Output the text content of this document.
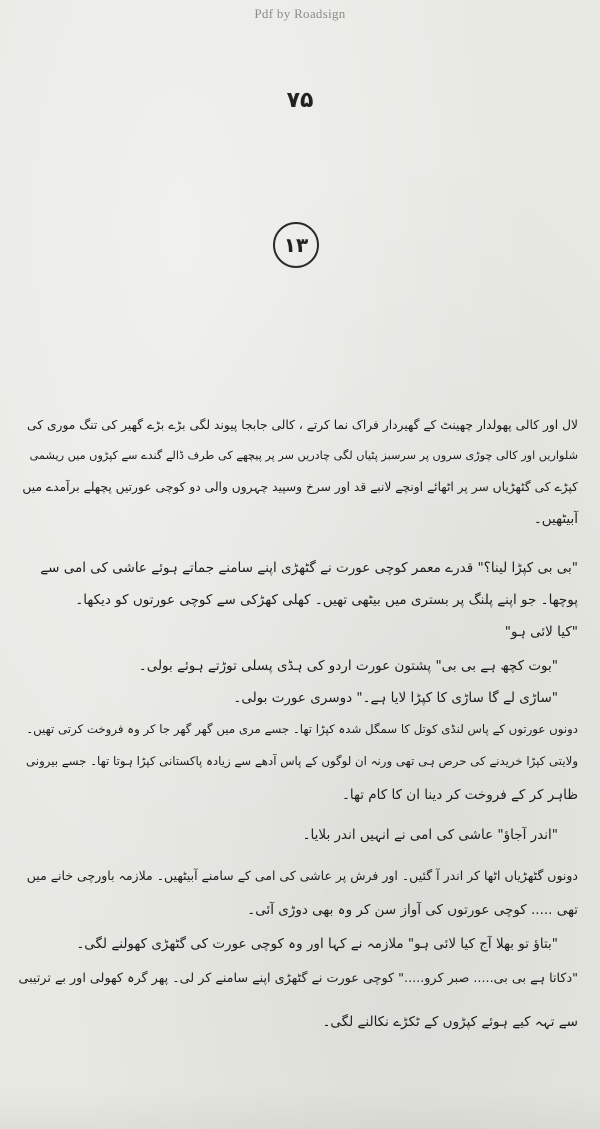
Pdf by Roadsign
۷۵
۱۳
لال اور کالی پھولدار چھینٹ کے گھیردار فراک نما کرتے ، کالی جابجا پیوند لگی بڑے بڑے گھیر کی تنگ موری کی
شلواریں اور کالی چوڑی سروں پر سرسبز پٹیاں لگی چادریں سر پر پیچھے کی طرف ڈالے گندے سے کپڑوں میں ریشمی
کپڑے کی گٹھڑیاں سر پر اٹھائے اونچے لانبے قد اور سرخ وسپید چہروں والی دو کوچی عورتیں پچھلے برآمدے میں
آبیٹھیں۔
"بی بی کپڑا لینا؟" قدرے معمر کوچی عورت نے گٹھڑی اپنے سامنے جماتے ہوئے عاشی کی امی سے
پوچھا۔ جو اپنے پلنگ پر بستری میں بیٹھی تھیں۔ کھلی کھڑکی سے کوچی عورتوں کو دیکھا۔
"کیا لائی ہو"
"بوت کچھ ہے بی بی" پشتون عورت اردو کی ہڈی پسلی توڑتے ہوئے بولی۔
"ساڑی لے گا ساڑی کا کپڑا لایا ہے۔" دوسری عورت بولی۔
دونوں عورتوں کے پاس لنڈی کوتل کا سمگل شدہ کپڑا تھا۔ جسے مری میں گھر گھر جا کر وہ فروخت کرتی تھیں۔
ولایتی کپڑا خریدنے کی حرص ہی تھی ورنہ ان لوگوں کے پاس آدھے سے زیادہ پاکستانی کپڑا ہوتا تھا۔ جسے بیرونی
ظاہر کر کے فروخت کر دینا ان کا کام تھا۔
"اندر آجاؤ" عاشی کی امی نے انہیں اندر بلایا۔
دونوں گٹھڑیاں اٹھا کر اندر آ گئیں۔ اور فرش پر عاشی کی امی کے سامنے آبیٹھیں۔ ملازمہ باورچی خانے میں
تھی ..... کوچی عورتوں کی آواز سن کر وہ بھی دوڑی آئی۔
"بتاؤ تو بھلا آج کیا لائی ہو" ملازمہ نے کہا اور وہ کوچی عورت کی گٹھڑی کھولنے لگی۔
"دکاتا ہے بی بی..... صبر کرو....." کوچی عورت نے گٹھڑی اپنے سامنے کر لی۔ پھر گرہ کھولی اور بے ترتیبی
سے تہہ کیے ہوئے کپڑوں کے ٹکڑے نکالنے لگی۔
